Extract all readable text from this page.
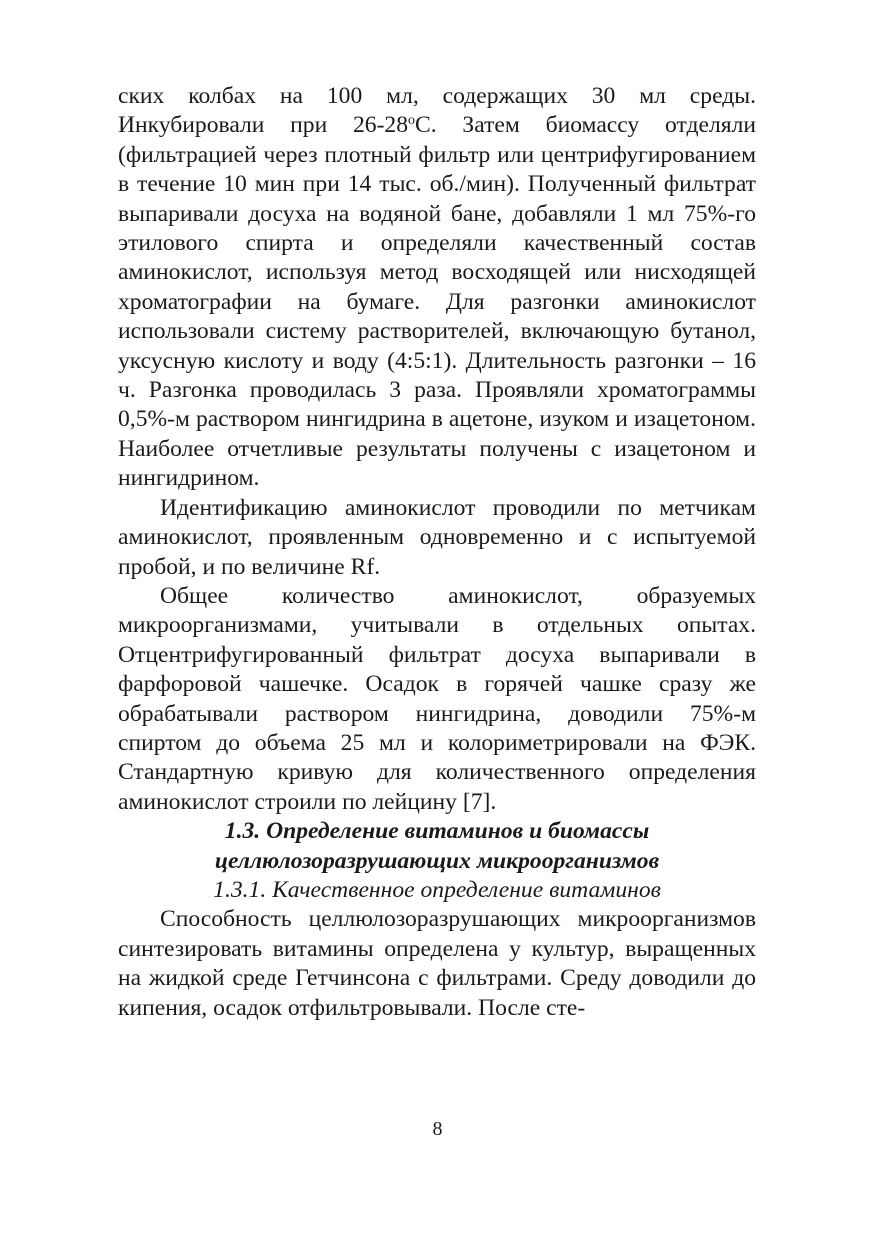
ских колбах на 100 мл, содержащих 30 мл среды. Инкубировали при $26-28^оС$. Затем биомассу отделяли (фильтрацией через плотный фильтр или центрифугированием в течение 10 мин при 14 тыс. об./мин). Полученный фильтрат выпаривали досуха на водяной бане, добавляли 1 мл 75%-го этилового спирта и определяли качественный состав аминокислот, используя метод восходящей или нисходящей хроматографии на бумаге. Для разгонки аминокислот использовали систему растворителей, включающую бутанол, уксусную кислоту и воду (4:5:1). Длительность разгонки – 16 ч. Разгонка проводилась 3 раза. Проявляли хроматограммы 0,5%-м раствором нингидрина в ацетоне, изуком и изацетоном. Наиболее отчетливые результаты получены с изацетоном и нингидрином.

Идентификацию аминокислот проводили по метчикам аминокислот, проявленным одновременно и с испытуемой пробой, и по величине Rf.

Общее количество аминокислот, образуемых микроорганизмами, учитывали в отдельных опытах. Отцентрифугированный фильтрат досуха выпаривали в фарфоровой чашечке. Осадок в горячей чашке сразу же обрабатывали раствором нингидрина, доводили 75%-м спиртом до объема 25 мл и колориметрировали на ФЭК. Стандартную кривую для количественного определения аминокислот строили по лейцину [7].

1.3. Определение витаминов и биомассы
целлюлозоразрушающих микроорганизмов

1.3.1. Качественное определение витаминов

Способность целлюлозоразрушающих микроорганизмов синтезировать витамины определена у культур, выращенных на жидкой среде Гетчинсона с фильтрами. Среду доводили до кипения, осадок отфильтровывали. После сте-

8
